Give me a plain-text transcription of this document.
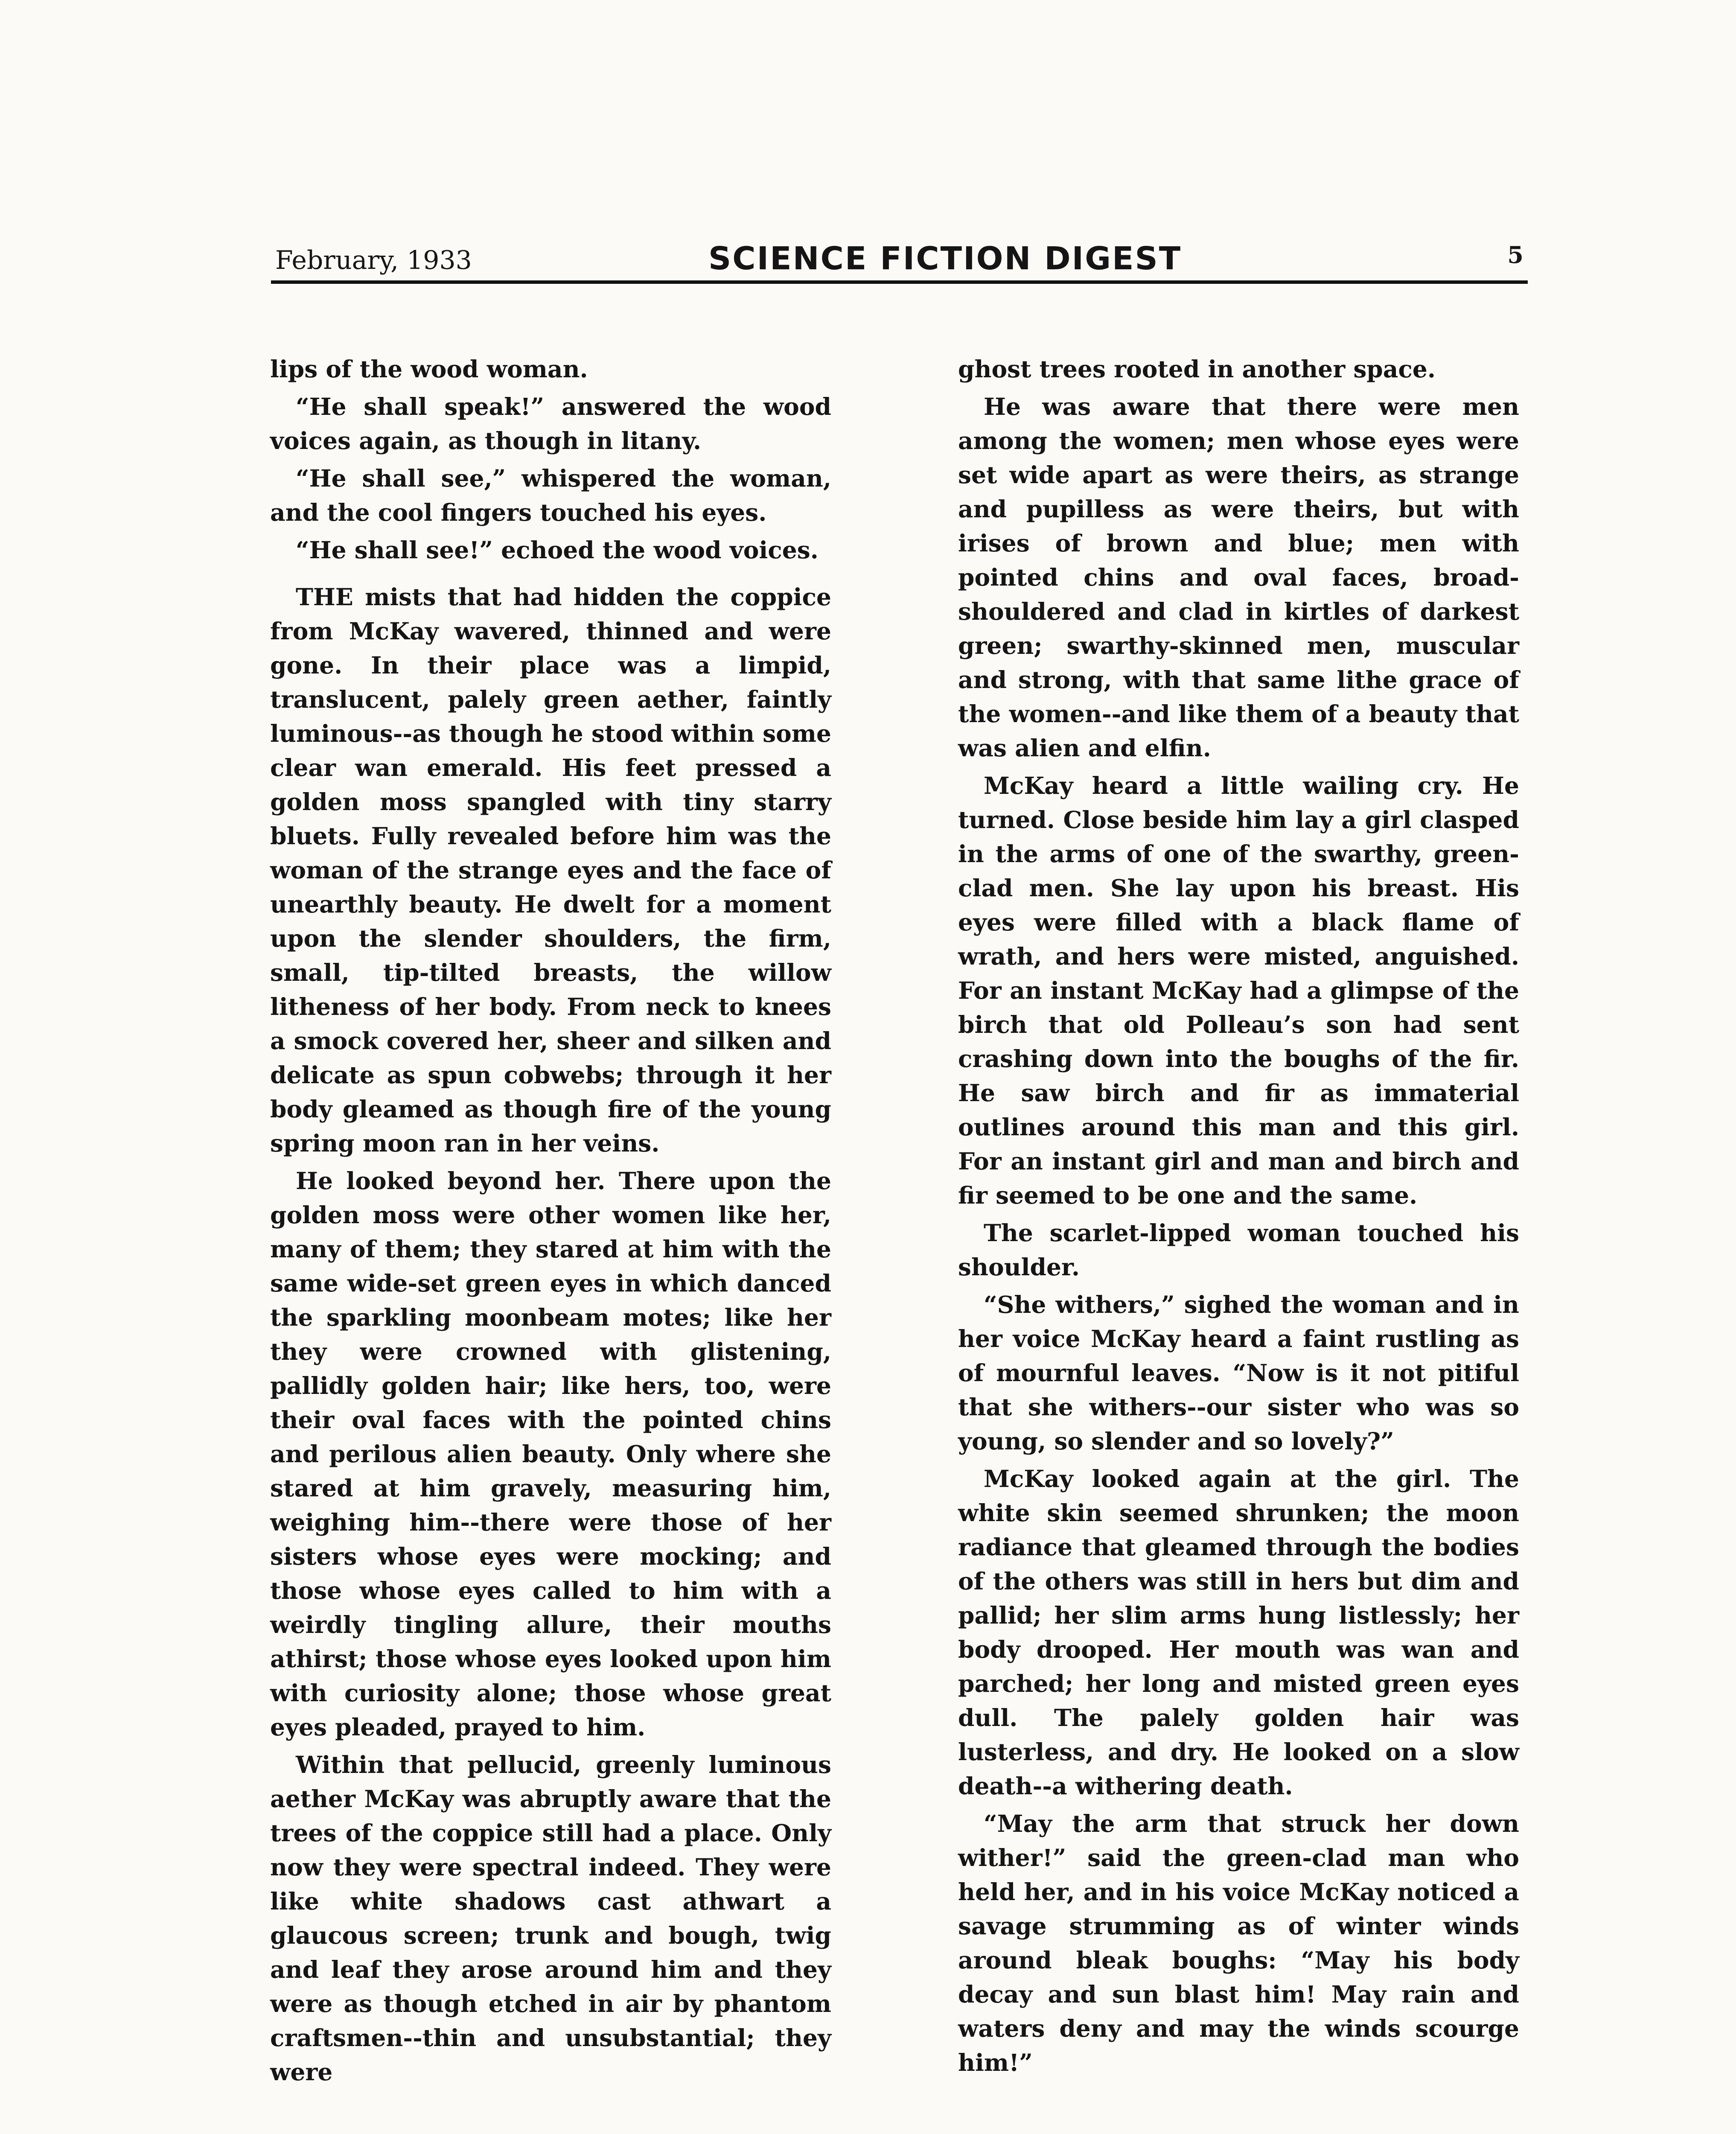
February, 1933	SCIENCE FICTION DIGEST	5

lips of the wood woman.

“He shall speak!” answered the wood voices again, as though in litany.

“He shall see,” whispered the woman, and the cool fingers touched his eyes.

“He shall see!” echoed the wood voices.

THE mists that had hidden the coppice from McKay wavered, thinned and were gone. In their place was a limpid, translucent, palely green aether, faintly luminous--as though he stood within some clear wan emerald. His feet pressed a golden moss spangled with tiny starry bluets. Fully revealed before him was the woman of the strange eyes and the face of unearthly beauty. He dwelt for a moment upon the slender shoulders, the firm, small, tip-tilted breasts, the willow litheness of her body. From neck to knees a smock covered her, sheer and silken and delicate as spun cobwebs; through it her body gleamed as though fire of the young spring moon ran in her veins.

He looked beyond her. There upon the golden moss were other women like her, many of them; they stared at him with the same wide-set green eyes in which danced the sparkling moonbeam motes; like her they were crowned with glistening, pallidly golden hair; like hers, too, were their oval faces with the pointed chins and perilous alien beauty. Only where she stared at him gravely, measuring him, weighing him--there were those of her sisters whose eyes were mocking; and those whose eyes called to him with a weirdly tingling allure, their mouths athirst; those whose eyes looked upon him with curiosity alone; those whose great eyes pleaded, prayed to him.

Within that pellucid, greenly luminous aether McKay was abruptly aware that the trees of the coppice still had a place. Only now they were spectral indeed. They were like white shadows cast athwart a glaucous screen; trunk and bough, twig and leaf they arose around him and they were as though etched in air by phantom craftsmen--thin and unsubstantial; they were

ghost trees rooted in another space.

He was aware that there were men among the women; men whose eyes were set wide apart as were theirs, as strange and pupilless as were theirs, but with irises of brown and blue; men with pointed chins and oval faces, broad-shouldered and clad in kirtles of darkest green; swarthy-skinned men, muscular and strong, with that same lithe grace of the women--and like them of a beauty that was alien and elfin.

McKay heard a little wailing cry. He turned. Close beside him lay a girl clasped in the arms of one of the swarthy, green-clad men. She lay upon his breast. His eyes were filled with a black flame of wrath, and hers were misted, anguished. For an instant McKay had a glimpse of the birch that old Polleau’s son had sent crashing down into the boughs of the fir. He saw birch and fir as immaterial outlines around this man and this girl. For an instant girl and man and birch and fir seemed to be one and the same.

The scarlet-lipped woman touched his shoulder.

“She withers,” sighed the woman and in her voice McKay heard a faint rustling as of mournful leaves. “Now is it not pitiful that she withers--our sister who was so young, so slender and so lovely?”

McKay looked again at the girl. The white skin seemed shrunken; the moon radiance that gleamed through the bodies of the others was still in hers but dim and pallid; her slim arms hung listlessly; her body drooped. Her mouth was wan and parched; her long and misted green eyes dull. The palely golden hair was lusterless, and dry. He looked on a slow death--a withering death.

“May the arm that struck her down wither!” said the green-clad man who held her, and in his voice McKay noticed a savage strumming as of winter winds around bleak boughs: “May his body decay and sun blast him! May rain and waters deny and may the winds scourge him!”
